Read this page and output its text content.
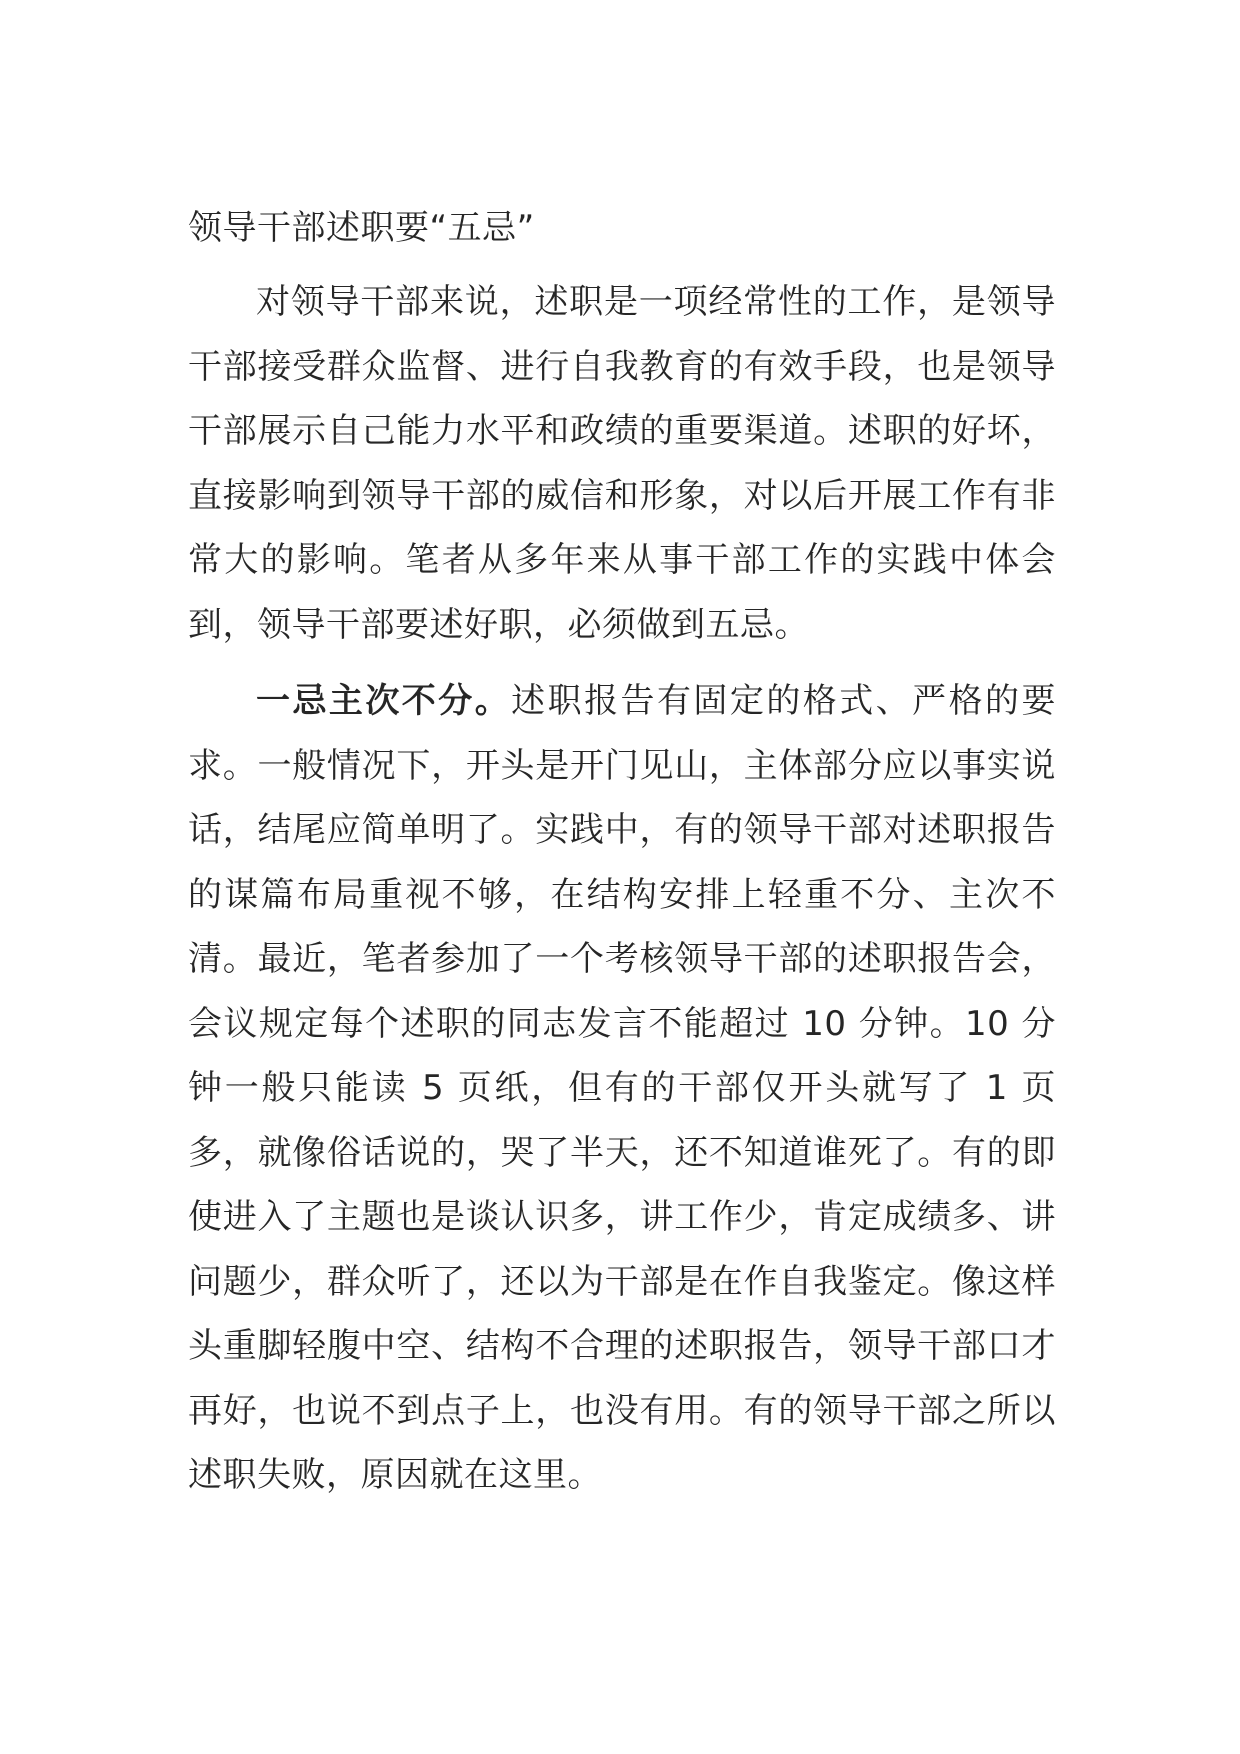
领导干部述职要“五忌”

对领导干部来说，述职是一项经常性的工作，是领导干部接受群众监督、进行自我教育的有效手段，也是领导干部展示自己能力水平和政绩的重要渠道。述职的好坏，直接影响到领导干部的威信和形象，对以后开展工作有非常大的影响。笔者从多年来从事干部工作的实践中体会到，领导干部要述好职，必须做到五忌。

一忌主次不分。述职报告有固定的格式、严格的要求。一般情况下，开头是开门见山，主体部分应以事实说话，结尾应简单明了。实践中，有的领导干部对述职报告的谋篇布局重视不够，在结构安排上轻重不分、主次不清。最近，笔者参加了一个考核领导干部的述职报告会，会议规定每个述职的同志发言不能超过 10 分钟。10 分钟一般只能读 5 页纸，但有的干部仅开头就写了 1 页多，就像俗话说的，哭了半天，还不知道谁死了。有的即使进入了主题也是谈认识多，讲工作少，肯定成绩多、讲问题少，群众听了，还以为干部是在作自我鉴定。像这样头重脚轻腹中空、结构不合理的述职报告，领导干部口才再好，也说不到点子上，也没有用。有的领导干部之所以述职失败，原因就在这里。
